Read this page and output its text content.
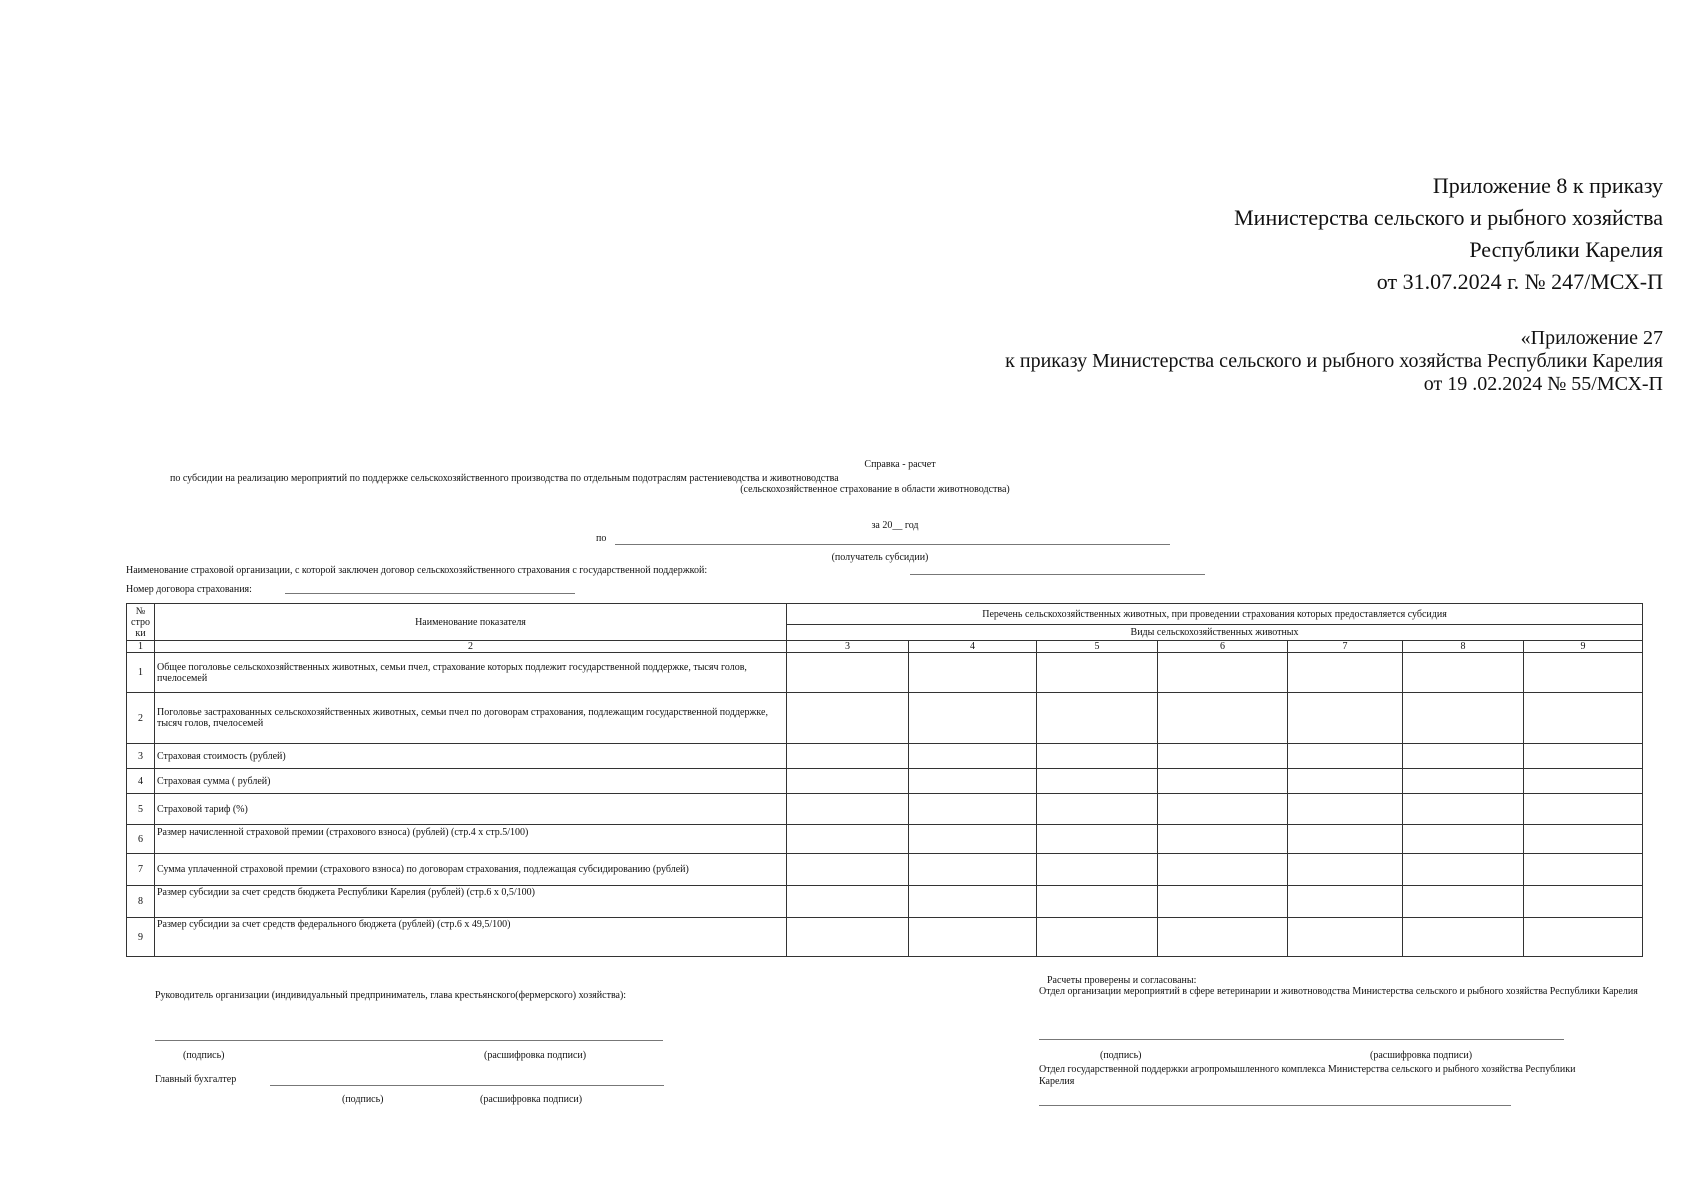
Приложение 8 к приказу
Министерства сельского и рыбного хозяйства
Республики Карелия
от 31.07.2024 г. № 247/МСХ-П
«Приложение 27
к приказу Министерства сельского и рыбного хозяйства Республики Карелия
от 19 .02.2024 № 55/МСХ-П
Справка - расчет
по субсидии на реализацию мероприятий по поддержке сельскохозяйственного производства по отдельным подотраслям растениеводства и животноводства
(сельскохозяйственное страхование в области животноводства)
за 20__ год
по
(получатель субсидии)
Наименование страховой организации, с которой заключен договор сельскохозяйственного страхования с государственной поддержкой:
Номер договора страхования:
№ стро ки	Наименование показателя	Перечень сельскохозяйственных животных, при проведении страхования которых предоставляется субсидия						
		Виды сельскохозяйственных животных						
1	2	3	4	5	6	7	8	9
1	Общее поголовье сельскохозяйственных животных, семьи пчел, страхование которых подлежит государственной поддержке, тысяч голов, пчелосемей							
2	Поголовье застрахованных сельскохозяйственных животных, семьи пчел по договорам страхования, подлежащим государственной поддержке, тысяч голов, пчелосемей							
3	Страховая стоимость (рублей)							
4	Страховая сумма ( рублей)							
5	Страховой тариф (%)							
6	Размер начисленной страховой премии (страхового взноса) (рублей) (стр.4 х стр.5/100)							
7	Сумма уплаченной страховой премии (страхового взноса) по договорам страхования, подлежащая субсидированию (рублей)							
8	Размер субсидии за счет средств бюджета Республики Карелия (рублей) (стр.6 х 0,5/100)							
9	Размер субсидии за счет средств федерального бюджета (рублей) (стр.6 х 49,5/100)							
Руководитель организации (индивидуальный предприниматель, глава крестьянского(фермерского) хозяйства):
(подпись)	(расшифровка подписи)
Главный бухгалтер
(подпись)	(расшифровка подписи)
Расчеты проверены и согласованы:
Отдел организации мероприятий в сфере ветеринарии и животноводства Министерства сельского и рыбного хозяйства Республики Карелия
(подпись)	(расшифровка подписи)
Отдел государственной поддержки агропромышленного комплекса Министерства сельского и рыбного хозяйства Республики Карелия
